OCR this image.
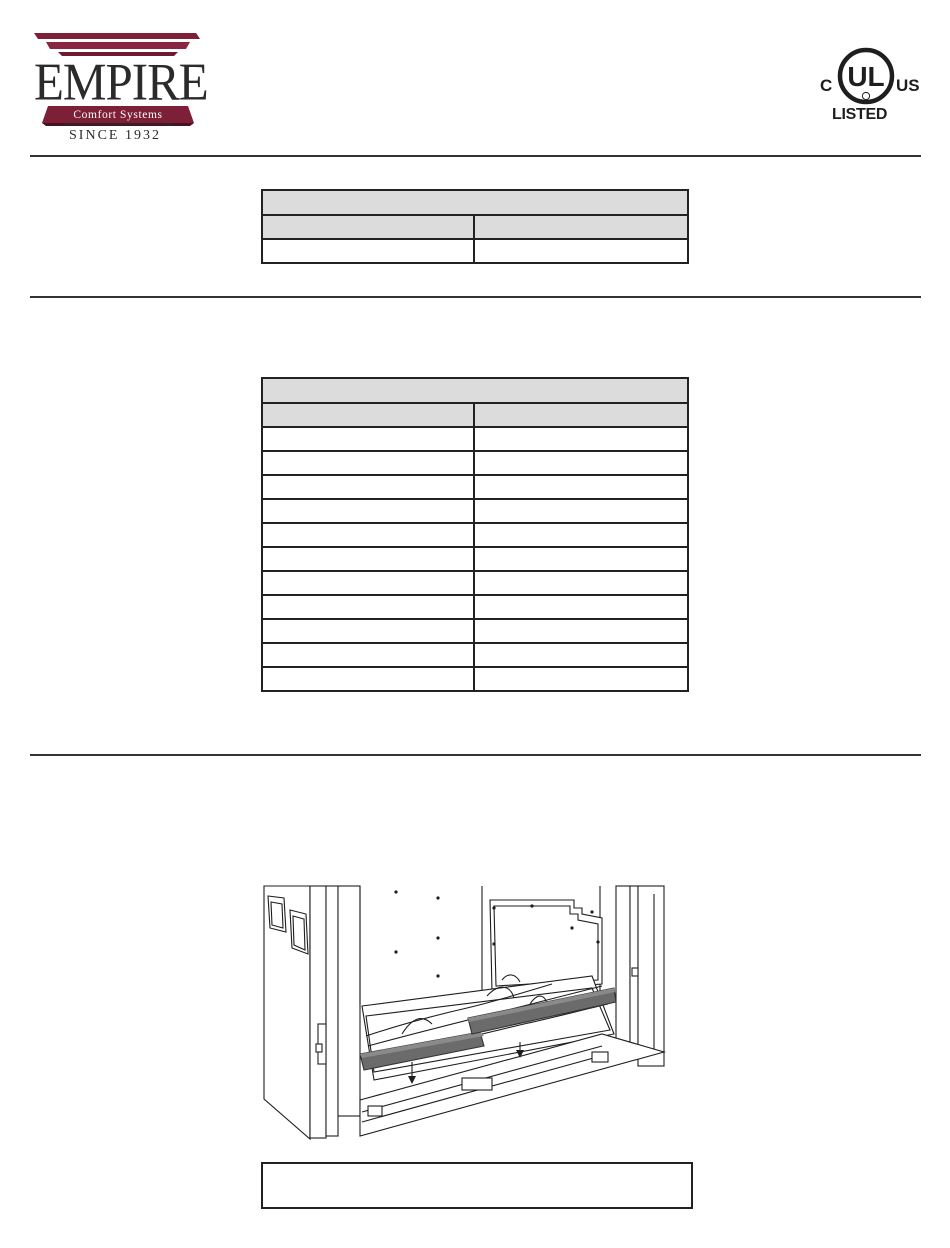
EMPIRE
Comfort Systems
SINCE 1932
UL
C	US
LISTED
